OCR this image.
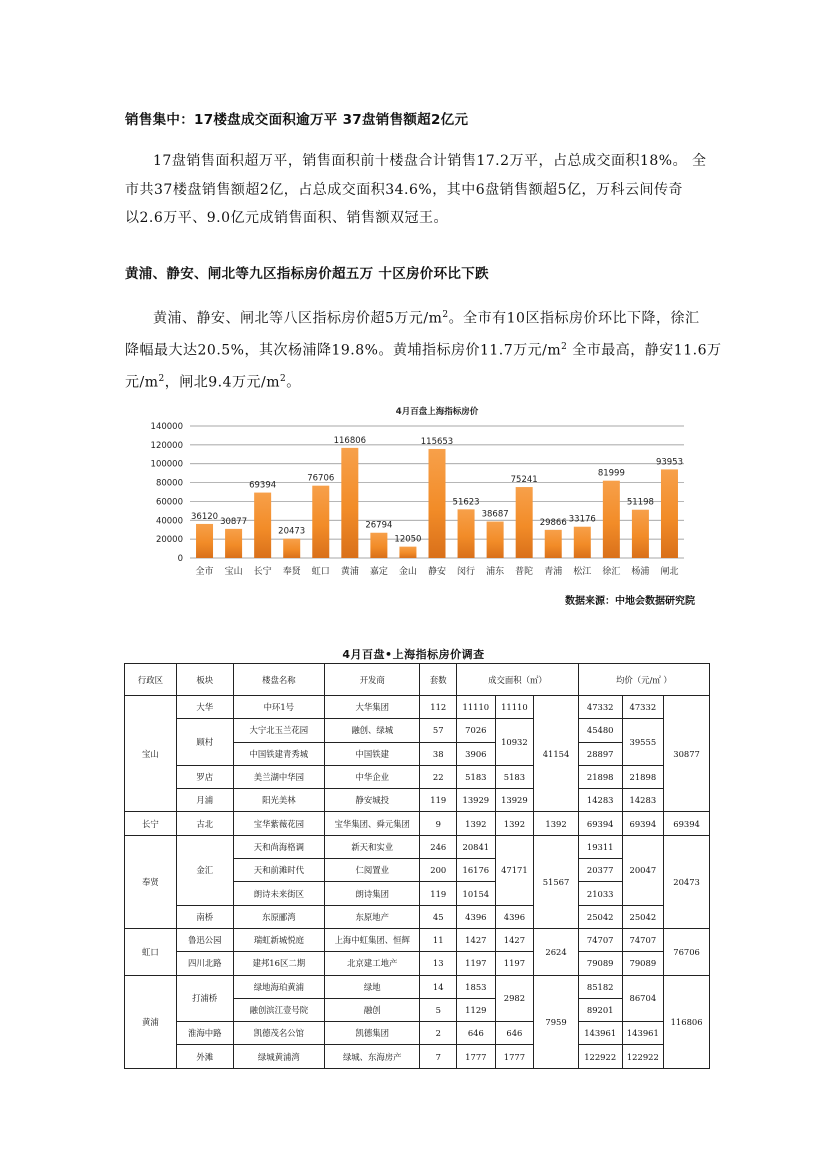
销售集中：17楼盘成交面积逾万平 37盘销售额超2亿元
17盘销售面积超万平，销售面积前十楼盘合计销售17.2万平，占总成交面积18%。 全
市共37楼盘销售额超2亿，占总成交面积34.6%，其中6盘销售额超5亿，万科云间传奇
以2.6万平、9.0亿元成销售面积、销售额双冠王。
黄浦、静安、闸北等九区指标房价超五万 十区房价环比下跌
黄浦、静安、闸北等八区指标房价超5万元$/m^2$。全市有10区指标房价环比下降，徐汇
降幅最大达20.5%，其次杨浦降19.8%。黄埔指标房价11.7万元$/m^2$ 全市最高，静安11.6万
元$/m^2$，闸北9.4万元$/m^2$。
4月百盘上海指标房价
0
20000
40000
60000
80000
100000
120000
140000
36120
全市
30877
宝山
69394
长宁
20473
奉贤
76706
虹口
116806
黄浦
26794
嘉定
12050
金山
115653
静安
51623
闵行
38687
浦东
75241
普陀
29866
青浦
33176
松江
81999
徐汇
51198
杨浦
93953
闸北
数据来源：中地会数据研究院
4月百盘•上海指标房价调查
行政区	板块	楼盘名称	开发商	套数	成交面积（㎡）			均价（元/㎡ ）		
宝山	大华	中环1号	大华集团	112	11110	11110	41154	47332	47332	30877
	顾村	大宁北玉兰花园	融创、绿城	57	7026	10932		45480	39555	
		中国铁建青秀城	中国铁建	38	3906			28897		
	罗店	美兰湖中华园	中华企业	22	5183	5183		21898	21898	
	月浦	阳光美林	静安城投	119	13929	13929		14283	14283	
长宁	古北	宝华紫薇花园	宝华集团、舜元集团	9	1392	1392	1392	69394	69394	69394
奉贤	金汇	天和尚海格调	新天和实业	246	20841	47171	51567	19311	20047	20473
		天和前滩时代	仁阅置业	200	16176			20377		
		朗诗未来街区	朗诗集团	119	10154			21033		
	南桥	东原郦湾	东原地产	45	4396	4396		25042	25042	
虹口	鲁迅公园	瑞虹新城悦庭	上海中虹集团、恒辉	11	1427	1427	2624	74707	74707	76706
	四川北路	建邦16区二期	北京建工地产	13	1197	1197		79089	79089	
黄浦	打浦桥	绿地海珀黄浦	绿地	14	1853	2982	7959	85182	86704	116806
		融创滨江壹号院	融创	5	1129			89201		
	淮海中路	凯德茂名公馆	凯德集团	2	646	646		143961	143961	
	外滩	绿城黄浦湾	绿城、东海房产	7	1777	1777		122922	122922	
